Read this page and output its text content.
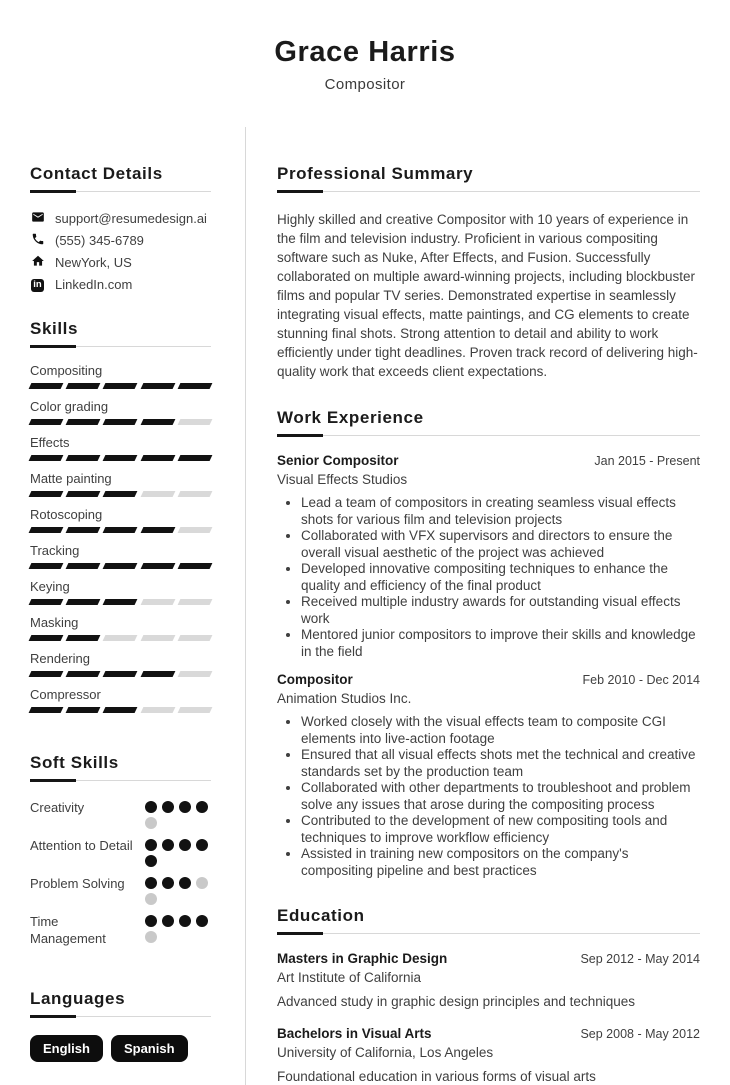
Grace Harris
Compositor
Contact Details
support@resumedesign.ai
(555) 345-6789
NewYork, US
in LinkedIn.com
Skills
Compositing
Color grading
Effects
Matte painting
Rotoscoping
Tracking
Keying
Masking
Rendering
Compressor
Soft Skills
Creativity
Attention to Detail
Problem Solving
Time Management
Languages
English	Spanish
Professional Summary

Highly skilled and creative Compositor with 10 years of experience in the film and television industry. Proficient in various compositing software such as Nuke, After Effects, and Fusion. Successfully collaborated on multiple award-winning projects, including blockbuster films and popular TV series. Demonstrated expertise in seamlessly integrating visual effects, matte paintings, and CG elements to create stunning final shots. Strong attention to detail and ability to work efficiently under tight deadlines. Proven track record of delivering high-quality work that exceeds client expectations.

Work Experience
Senior Compositor	Jan 2015 - Present
Visual Effects Studios
• Lead a team of compositors in creating seamless visual effects shots for various film and television projects
• Collaborated with VFX supervisors and directors to ensure the overall visual aesthetic of the project was achieved
• Developed innovative compositing techniques to enhance the quality and efficiency of the final product
• Received multiple industry awards for outstanding visual effects work
• Mentored junior compositors to improve their skills and knowledge in the field
Compositor	Feb 2010 - Dec 2014
Animation Studios Inc.
• Worked closely with the visual effects team to composite CGI elements into live-action footage
• Ensured that all visual effects shots met the technical and creative standards set by the production team
• Collaborated with other departments to troubleshoot and problem solve any issues that arose during the compositing process
• Contributed to the development of new compositing tools and techniques to improve workflow efficiency
• Assisted in training new compositors on the company's compositing pipeline and best practices
Education
Masters in Graphic Design	Sep 2012 - May 2014
Art Institute of California
Advanced study in graphic design principles and techniques
Bachelors in Visual Arts	Sep 2008 - May 2012
University of California, Los Angeles
Foundational education in various forms of visual arts
